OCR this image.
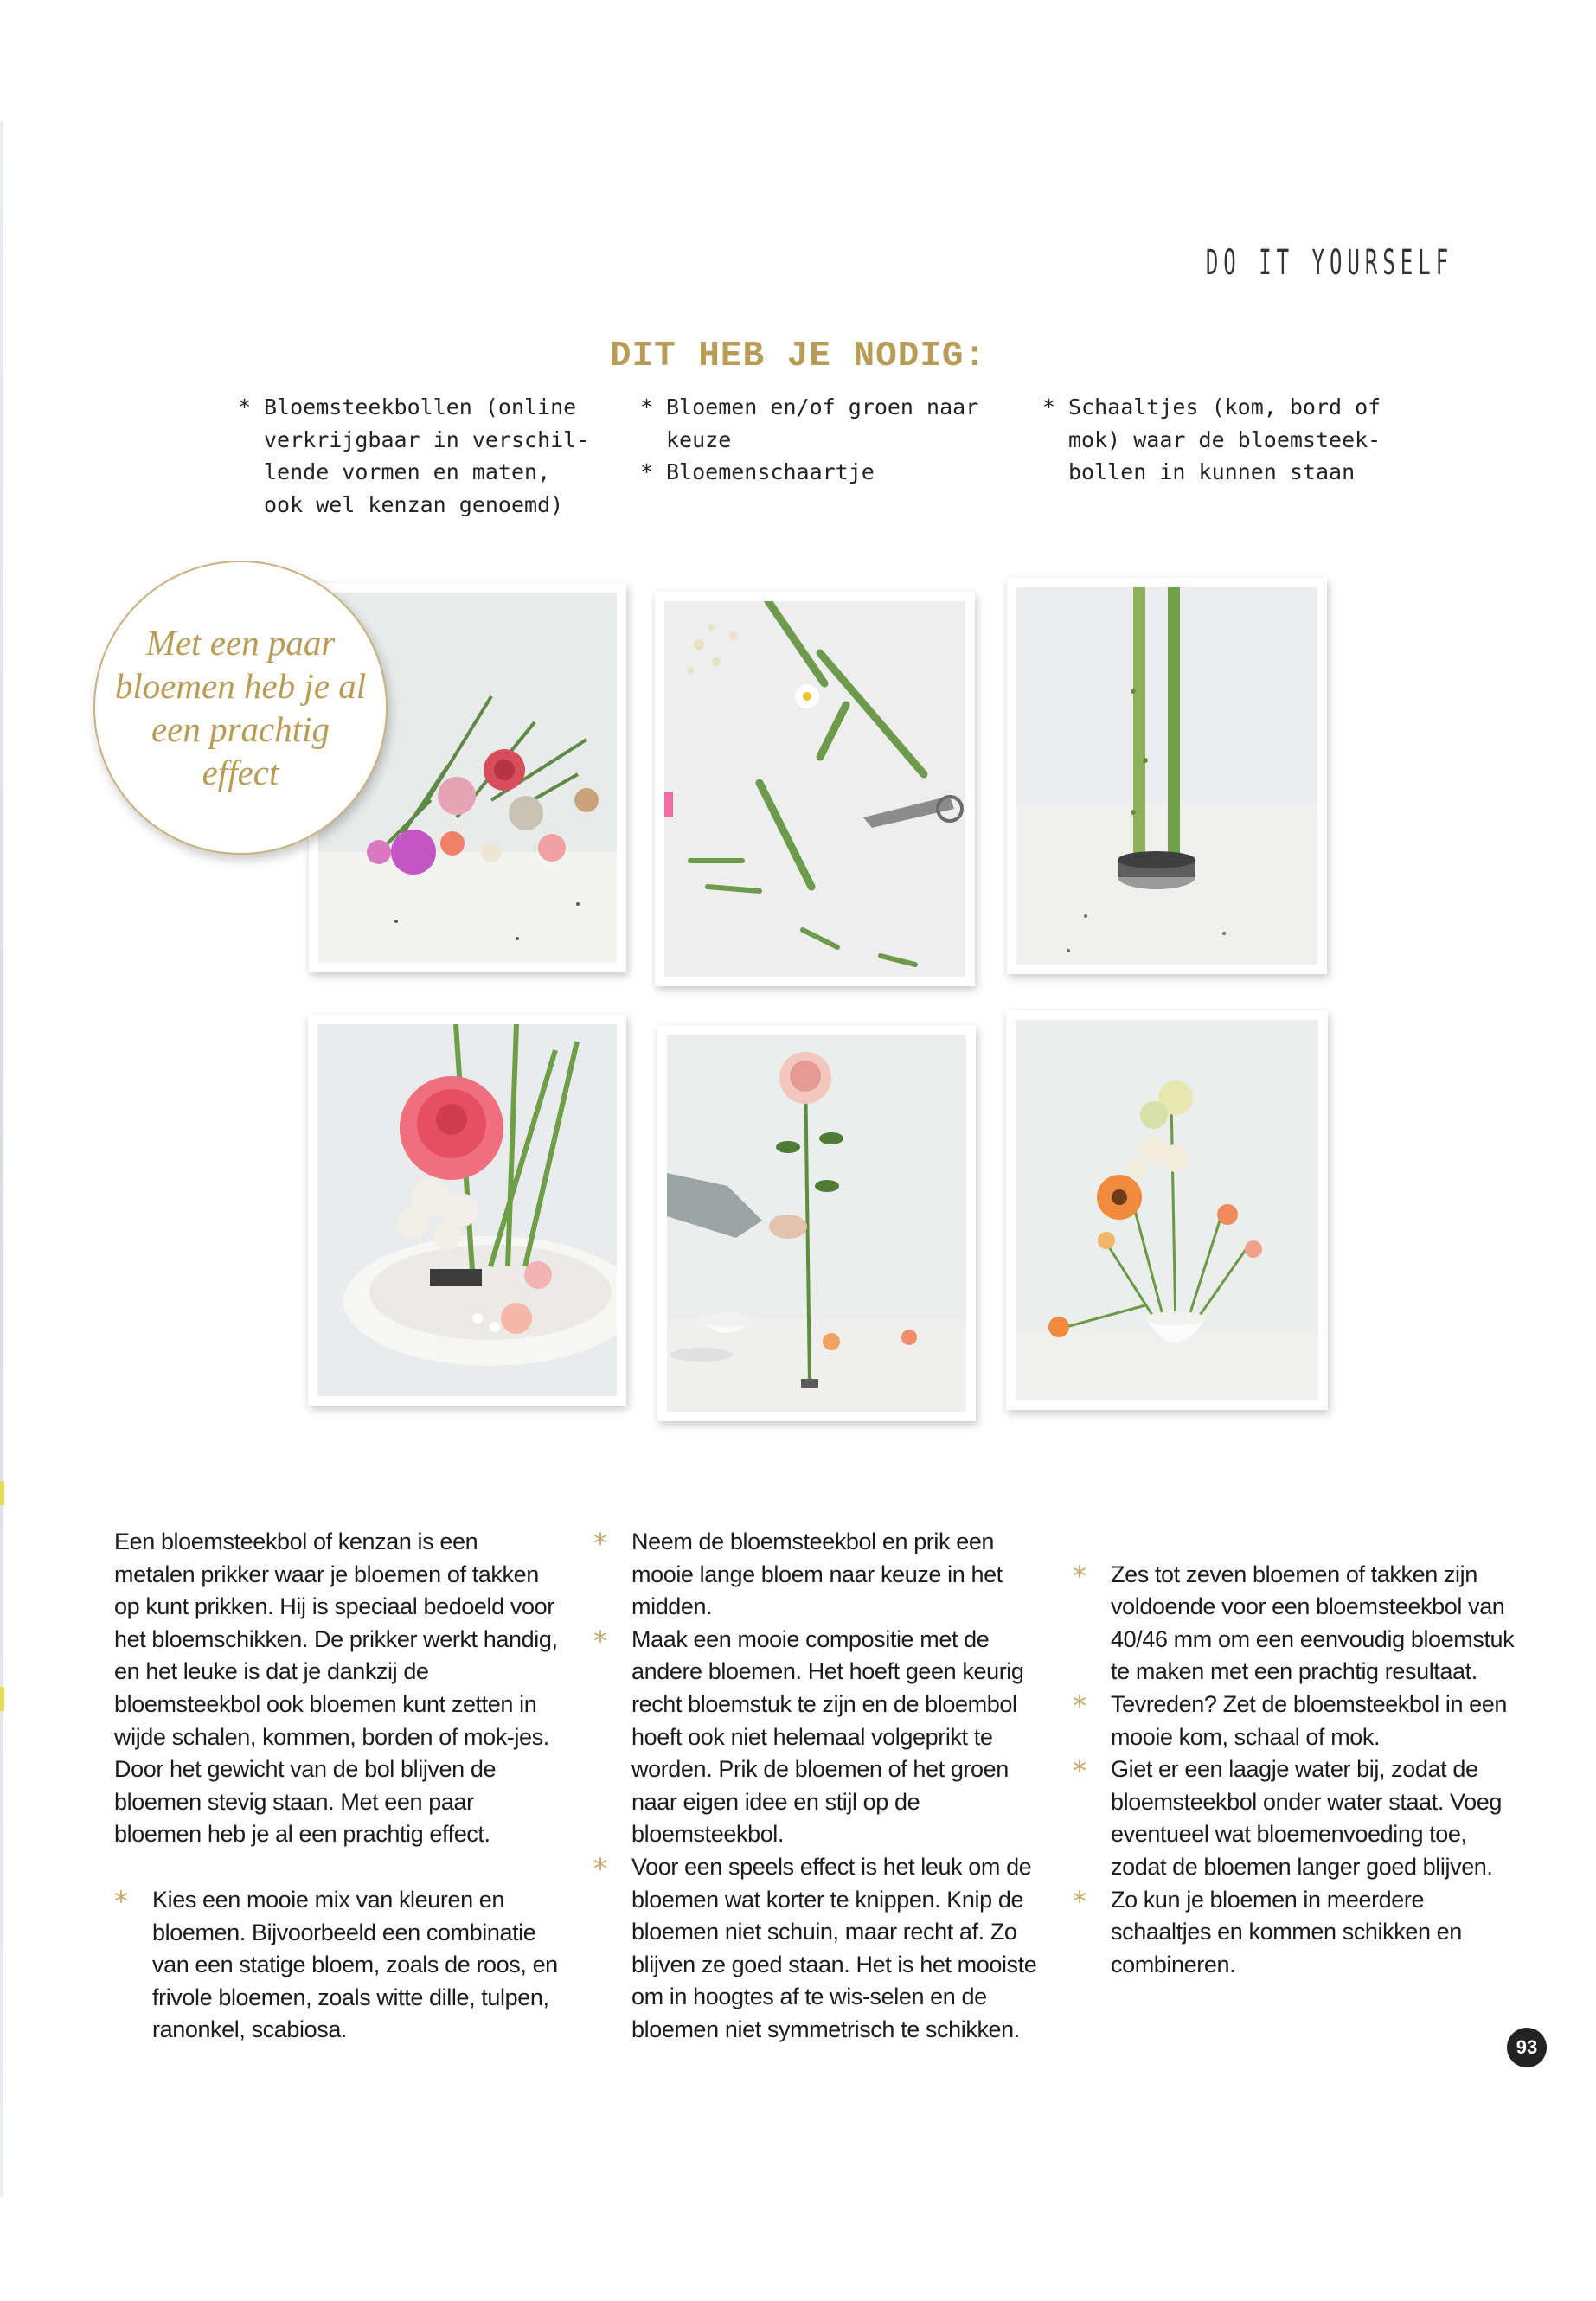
DO IT YOURSELF
DIT HEB JE NODIG:
* Bloemsteekbollen (online
verkrijgbaar in verschil-
lende vormen en maten,
ook wel kenzan genoemd)
* Bloemen en/of groen naar
keuze
* Bloemenschaartje
* Schaaltjes (kom, bord of
mok) waar de bloemsteek-
bollen in kunnen staan
Met een paar bloemen heb je al een prachtig effect

Een bloemsteekbol of kenzan is een metalen prikker waar je bloemen of takken op kunt prikken. Hij is speciaal bedoeld voor het bloemschikken. De prikker werkt handig, en het leuke is dat je dankzij de bloemsteekbol ook bloemen kunt zetten in wijde schalen, kommen, borden of mok-jes. Door het gewicht van de bol blijven de bloemen stevig staan. Met een paar bloemen heb je al een prachtig effect.

* Kies een mooie mix van kleuren en bloemen. Bijvoorbeeld een combinatie van een statige bloem, zoals de roos, en frivole bloemen, zoals witte dille, tulpen, ranonkel, scabiosa.

* Neem de bloemsteekbol en prik een mooie lange bloem naar keuze in het midden.

* Maak een mooie compositie met de andere bloemen. Het hoeft geen keurig recht bloemstuk te zijn en de bloembol hoeft ook niet helemaal volgeprikt te worden. Prik de bloemen of het groen naar eigen idee en stijl op de bloemsteekbol.

* Voor een speels effect is het leuk om de bloemen wat korter te knippen. Knip de bloemen niet schuin, maar recht af. Zo blijven ze goed staan. Het is het mooiste om in hoogtes af te wis-selen en de bloemen niet symmetrisch te schikken.

* Zes tot zeven bloemen of takken zijn voldoende voor een bloemsteekbol van 40/46 mm om een eenvoudig bloemstuk te maken met een prachtig resultaat.

* Tevreden? Zet de bloemsteekbol in een mooie kom, schaal of mok.

* Giet er een laagje water bij, zodat de bloemsteekbol onder water staat. Voeg eventueel wat bloemenvoeding toe, zodat de bloemen langer goed blijven.

* Zo kun je bloemen in meerdere schaaltjes en kommen schikken en combineren.

93
